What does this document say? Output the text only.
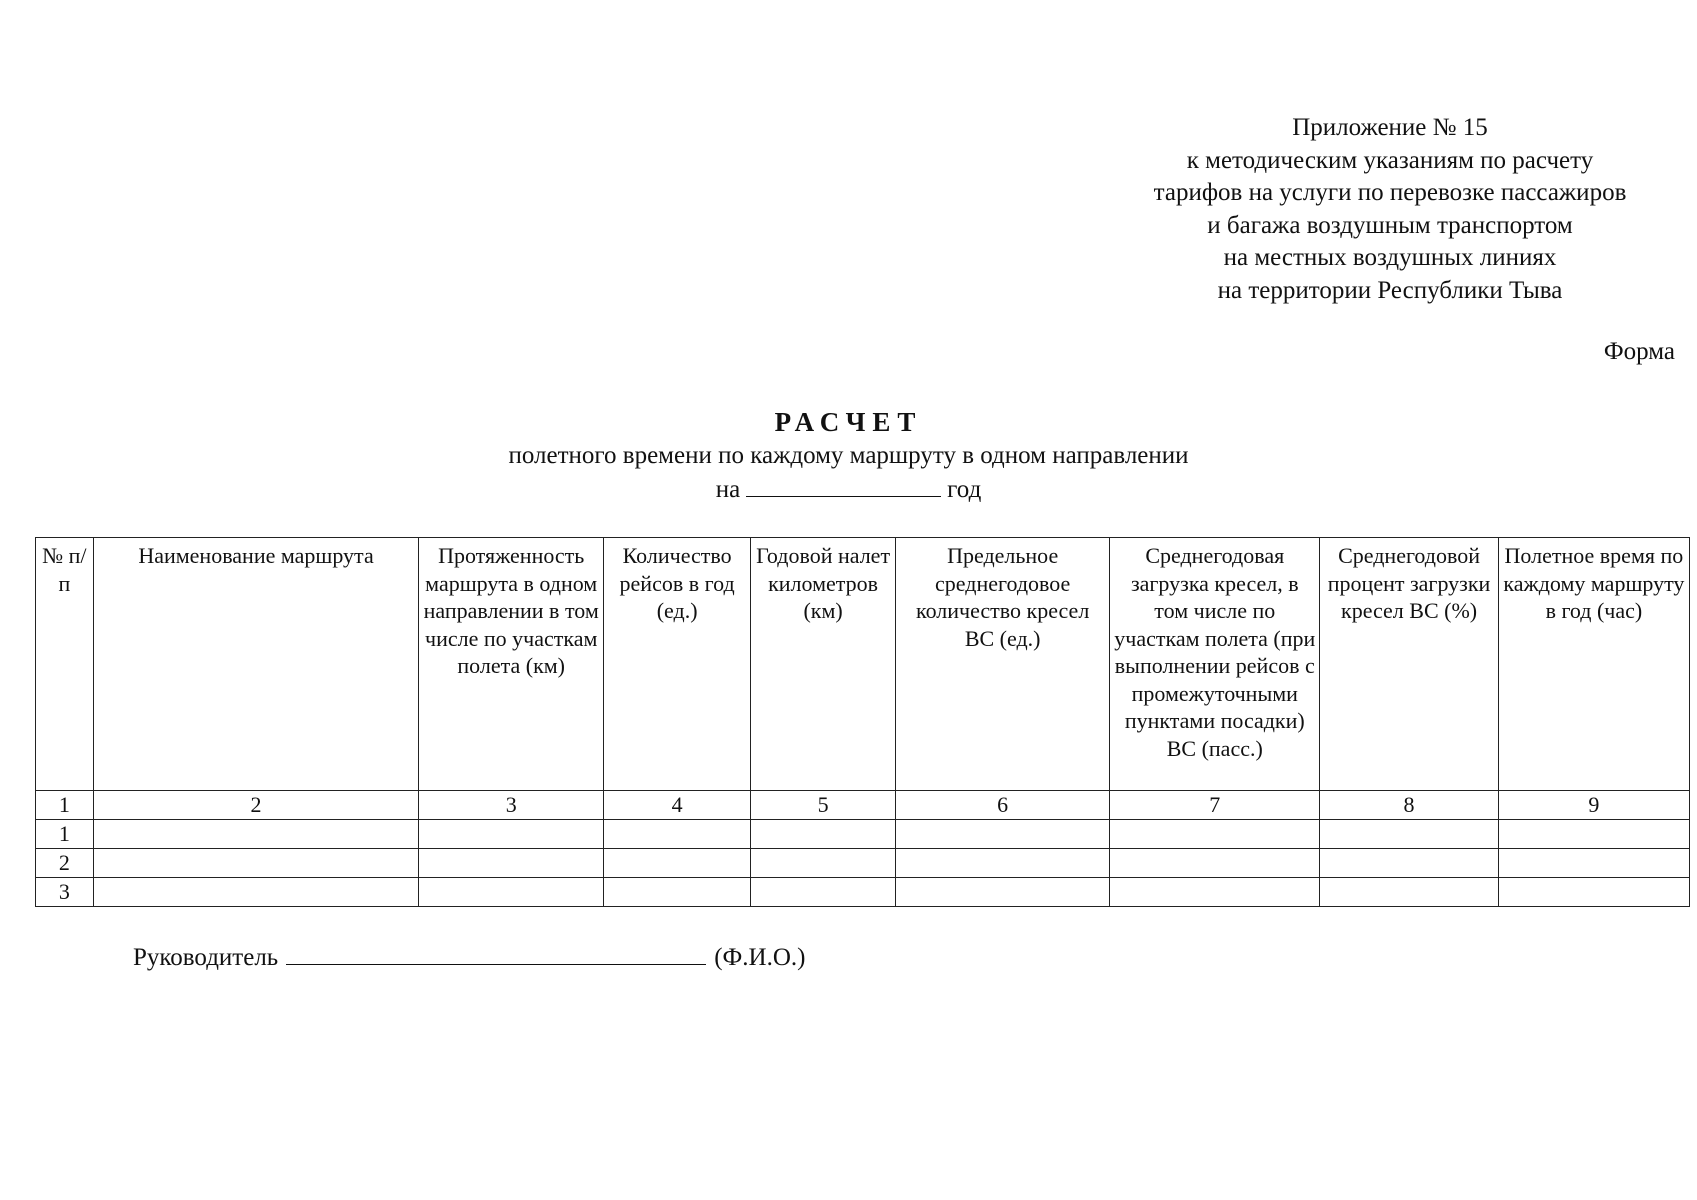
Приложение № 15
к методическим указаниям по расчету
тарифов на услуги по перевозке пассажиров
и багажа воздушным транспортом
на местных воздушных линиях
на территории Республики Тыва
Форма
РАСЧЕТ
полетного времени по каждому маршруту в одном направлении
на	год
№ п/п	Наименование маршрута	Протяженность маршрута в одном направлении в том числе по участкам полета (км)	Количество рейсов в год (ед.)	Годовой налет километров (км)	Предельное среднегодовое количество кресел ВС (ед.)	Среднегодовая загрузка кресел, в том числе по участкам полета (при выполнении рейсов с промежуточными пунктами посадки) ВС (пасс.)	Среднегодовой процент загрузки кресел ВС (%)	Полетное время по каждому маршруту в год (час)
1	2	3	4	5	6	7	8	9
1								
2								
3								
Руководитель	(Ф.И.О.)
